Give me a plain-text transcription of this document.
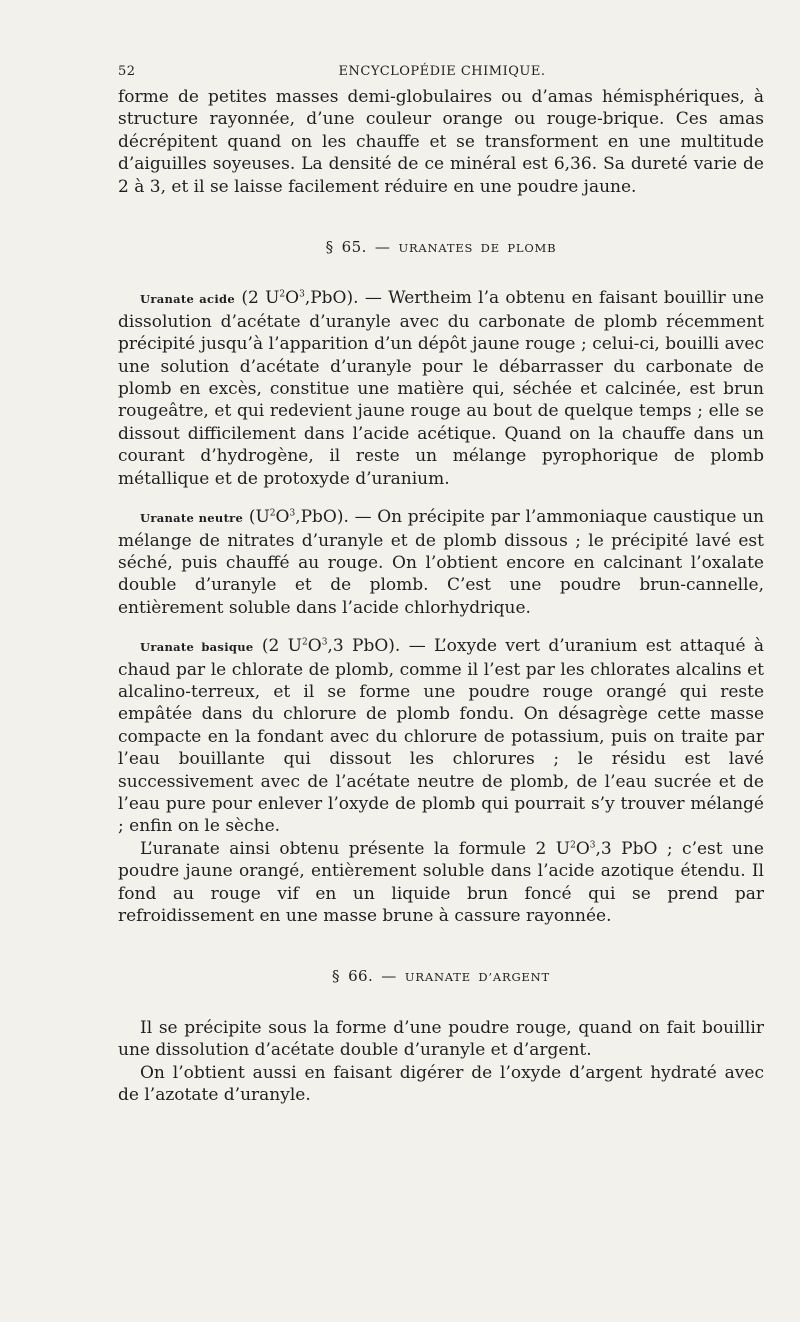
52	ENCYCLOPÉDIE CHIMIQUE.

forme de petites masses demi-globulaires ou d’amas hémisphériques, à structure rayonnée, d’une couleur orange ou rouge-brique. Ces amas décrépitent quand on les chauffe et se transforment en une multitude d’aiguilles soyeuses. La densité de ce minéral est 6,36. Sa dureté varie de 2 à 3, et il se laisse facilement réduire en une poudre jaune.

§ 65. — URANATES DE PLOMB

Uranate acide (2 $U^2O^3,PbO$). — Wertheim l’a obtenu en faisant bouillir une dissolution d’acétate d’uranyle avec du carbonate de plomb récemment précipité jusqu’à l’apparition d’un dépôt jaune rouge ; celui-ci, bouilli avec une solution d’acétate d’uranyle pour le débarrasser du carbonate de plomb en excès, constitue une matière qui, séchée et calcinée, est brun rougeâtre, et qui redevient jaune rouge au bout de quelque temps ; elle se dissout difficilement dans l’acide acétique. Quand on la chauffe dans un courant d’hydrogène, il reste un mélange pyrophorique de plomb métallique et de protoxyde d’uranium.

Uranate neutre $(U^2O^3,PbO)$. — On précipite par l’ammoniaque caustique un mélange de nitrates d’uranyle et de plomb dissous ; le précipité lavé est séché, puis chauffé au rouge. On l’obtient encore en calcinant l’oxalate double d’uranyle et de plomb. C’est une poudre brun-cannelle, entièrement soluble dans l’acide chlorhydrique.

Uranate basique (2 $U^2O^3,3$ PbO). — L’oxyde vert d’uranium est attaqué à chaud par le chlorate de plomb, comme il l’est par les chlorates alcalins et alcalino-terreux, et il se forme une poudre rouge orangé qui reste empâtée dans du chlorure de plomb fondu. On désagrège cette masse compacte en la fondant avec du chlorure de potassium, puis on traite par l’eau bouillante qui dissout les chlorures ; le résidu est lavé successivement avec de l’acétate neutre de plomb, de l’eau sucrée et de l’eau pure pour enlever l’oxyde de plomb qui pourrait s’y trouver mélangé ; enfin on le sèche.

L’uranate ainsi obtenu présente la formule 2 $U^2O^3,3$ PbO ; c’est une poudre jaune orangé, entièrement soluble dans l’acide azotique étendu. Il fond au rouge vif en un liquide brun foncé qui se prend par refroidissement en une masse brune à cassure rayonnée.

§ 66. — URANATE D’ARGENT

Il se précipite sous la forme d’une poudre rouge, quand on fait bouillir une dissolution d’acétate double d’uranyle et d’argent.

On l’obtient aussi en faisant digérer de l’oxyde d’argent hydraté avec de l’azotate d’uranyle.
